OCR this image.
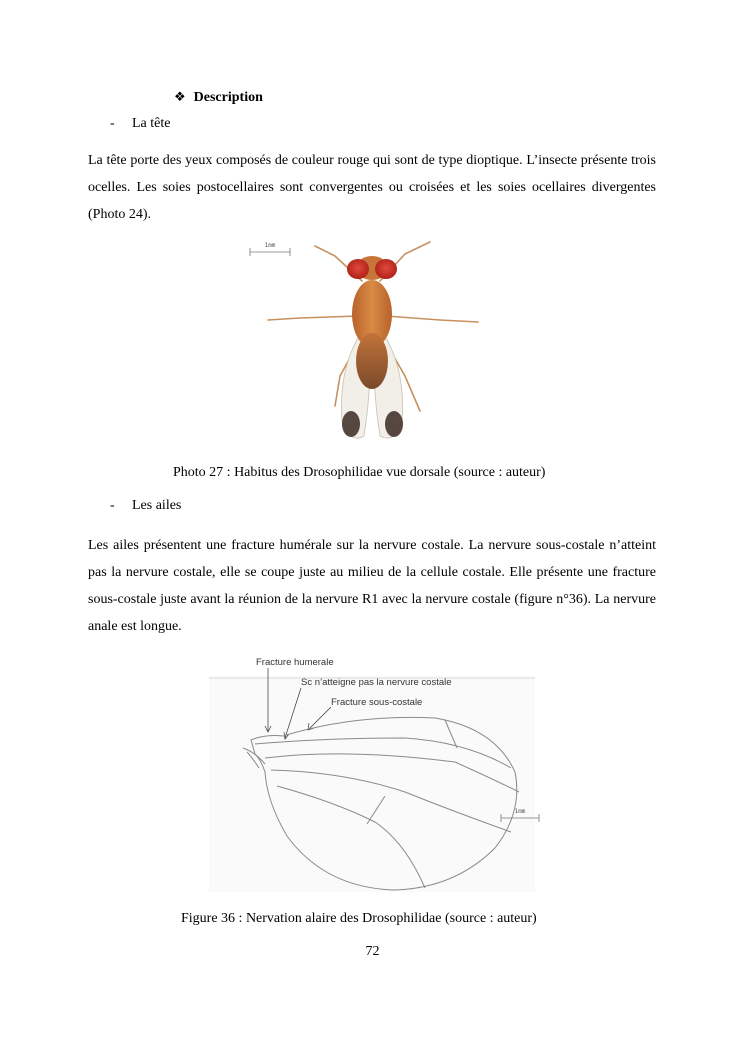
❖ Description
- La tête
La tête porte des yeux composés de couleur rouge qui sont de type dioptique. L’insecte présente trois ocelles. Les soies postocellaires sont convergentes ou croisées et les soies ocellaires divergentes (Photo 24).
1mm
Photo 27 : Habitus des Drosophilidae vue dorsale (source : auteur)
- Les ailes
Les ailes présentent une fracture humérale sur la nervure costale. La nervure sous-costale n’atteint pas la nervure costale, elle se coupe juste au milieu de la cellule costale. Elle présente une fracture sous-costale juste avant la réunion de la nervure R1 avec la nervure costale (figure n°36). La nervure anale est longue.
Fracture humerale
Sc n’atteigne pas la nervure costale
Fracture sous-costale
1mm
Figure 36 : Nervation alaire des Drosophilidae (source : auteur)
72
